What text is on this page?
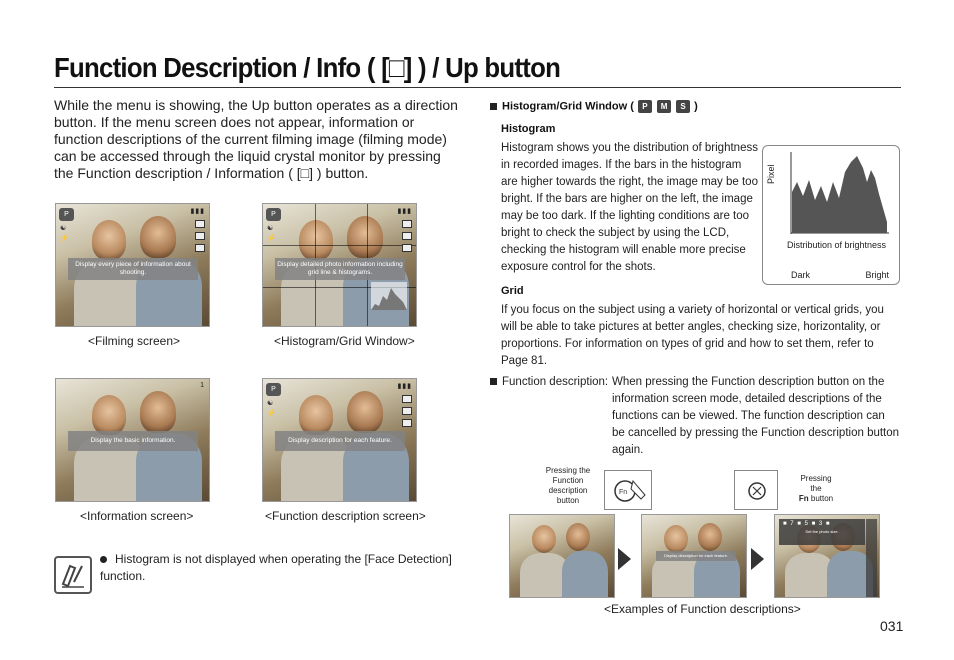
Function Description / Info ( [□] ) / Up button
While the menu is showing, the Up button operates as a direction button. If the menu screen does not appear, information or function descriptions of the current filming image (filming mode) can be accessed through the liquid crystal monitor by pressing the Function description / Information ( [□] ) button.
P
☯
⚡
▮▮▮
Display every piece of information about shooting.
<Filming screen>
P
☯
⚡
▮▮▮
Display detailed photo information including grid line & histograms.
<Histogram/Grid Window>
1
Display the basic information.
<Information screen>
P
☯
⚡
▮▮▮
Display description for each feature.
<Function description screen>
Histogram is not displayed when operating the [Face Detection] function.
Histogram/Grid Window ( P M S )
Histogram
Histogram shows you the distribution of brightness in recorded images. If the bars in the histogram are higher towards the right, the image may be too bright. If the bars are higher on the left, the image may be too dark. If the lighting conditions are too bright to check the subject by using the LCD, checking the histogram will enable more precise exposure control for the shots.
Pixel
Distribution of brightness
Dark	Bright
Grid
If you focus on the subject using a variety of horizontal or vertical grids, you will be able to take pictures at better angles, checking size, horizontality, or proportions. For information on types of grid and how to set them, refer to Page 81.
Function description: When pressing the Function description button on the information screen mode, detailed descriptions of the functions can be viewed. The function description can be cancelled by pressing the Function description button again.
Pressing the Function description button
Fn
Pressing
the
Fn button
Display description for each feature.
■ 7 ■ 5 ■ 3 ■
Set the photo size.
<Examples of Function descriptions>
031
